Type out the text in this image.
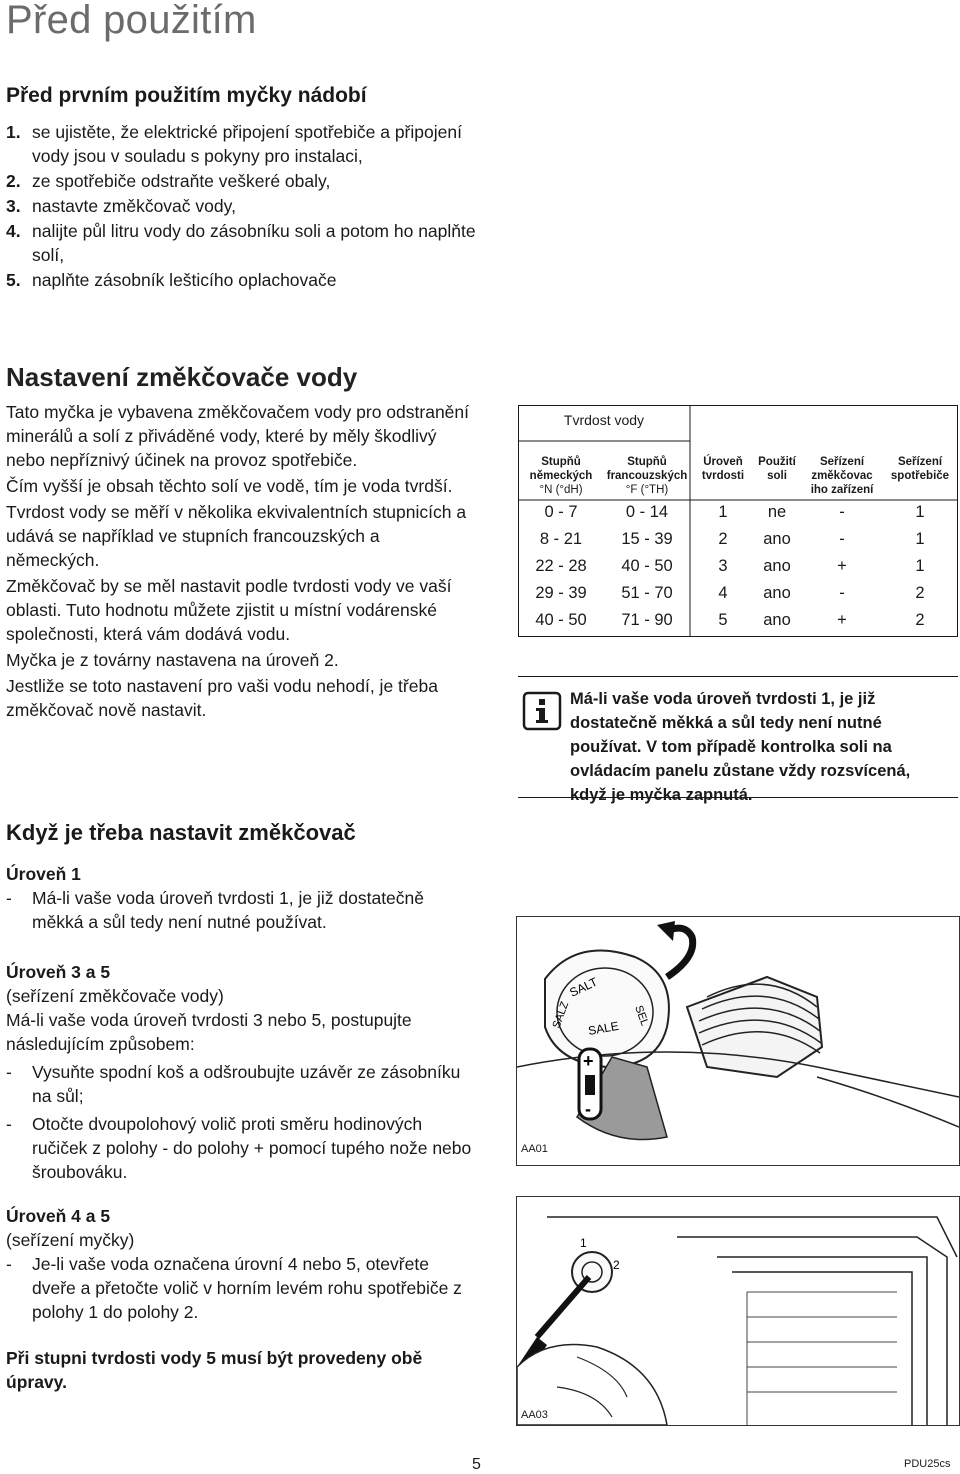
Před použitím
Před prvním použitím myčky nádobí
1. se ujistěte, že elektrické připojení spotřebiče a připojení vody jsou v souladu s pokyny pro instalaci,
2. ze spotřebiče odstraňte veškeré obaly,
3. nastavte změkčovač vody,
4. nalijte půl litru vody do zásobníku soli a potom ho naplňte solí,
5. naplňte zásobník lešticího oplachovače
Nastavení změkčovače vody

Tato myčka je vybavena změkčovačem vody pro odstranění minerálů a solí z přiváděné vody, které by měly škodlivý nebo nepříznivý účinek na provoz spotřebiče.

Čím vyšší je obsah těchto solí ve vodě, tím je voda tvrdší.

Tvrdost vody se měří v několika ekvivalentních stupnicích a udává se například ve stupních francouzských a německých.

Změkčovač by se měl nastavit podle tvrdosti vody ve vaší oblasti. Tuto hodnotu můžete zjistit u místní vodárenské společnosti, která vám dodává vodu.

Myčka je z továrny nastavena na úroveň 2.

Jestliže se toto nastavení pro vaši vodu nehodí, je třeba změkčovač nově nastavit.

Tvrdost vody
Stupňů německých
°N (°dH)
Stupňů francouzských
°F (°TH)
Úroveň tvrdosti
Použití soli
Seřízení změkčovac iho zařízení
Seřízení spotřebiče
0 - 7	0 - 14	1	ne	-	1
8 - 21	15 - 39	2	ano	-	1
22 - 28	40 - 50	3	ano	+	1
29 - 39	51 - 70	4	ano	-	2
40 - 50	71 - 90	5	ano	+	2
Má-li vaše voda úroveň tvrdosti 1, je již dostatečně měkká a sůl tedy není nutné používat. V tom případě kontrolka soli na ovládacím panelu zůstane vždy rozsvícená, když je myčka zapnutá.
Když je třeba nastavit změkčovač
Úroveň 1
-	Má-li vaše voda úroveň tvrdosti 1, je již dostatečně měkká a sůl tedy není nutné používat.
Úroveň 3 a 5
(seřízení změkčovače vody)
Má-li vaše voda úroveň tvrdosti 3 nebo 5, postupujte následujícím způsobem:
-	Vysuňte spodní koš a odšroubujte uzávěr ze zásobníku na sůl;
-	Otočte dvoupolohový volič proti směru hodinových ručiček z polohy - do polohy + pomocí tupého nože nebo šroubováku.
Úroveň 4 a 5
(seřízení myčky)
-	Je-li vaše voda označena úrovní 4 nebo 5, otevřete dveře a přetočte volič v horním levém rohu spotřebiče z polohy 1 do polohy 2.
Při stupni tvrdosti vody 5 musí být provedeny obě úpravy.
SALT
SALE
SEL
SALZ
+
-
AA01
1
2
AA03
5	PDU25cs
